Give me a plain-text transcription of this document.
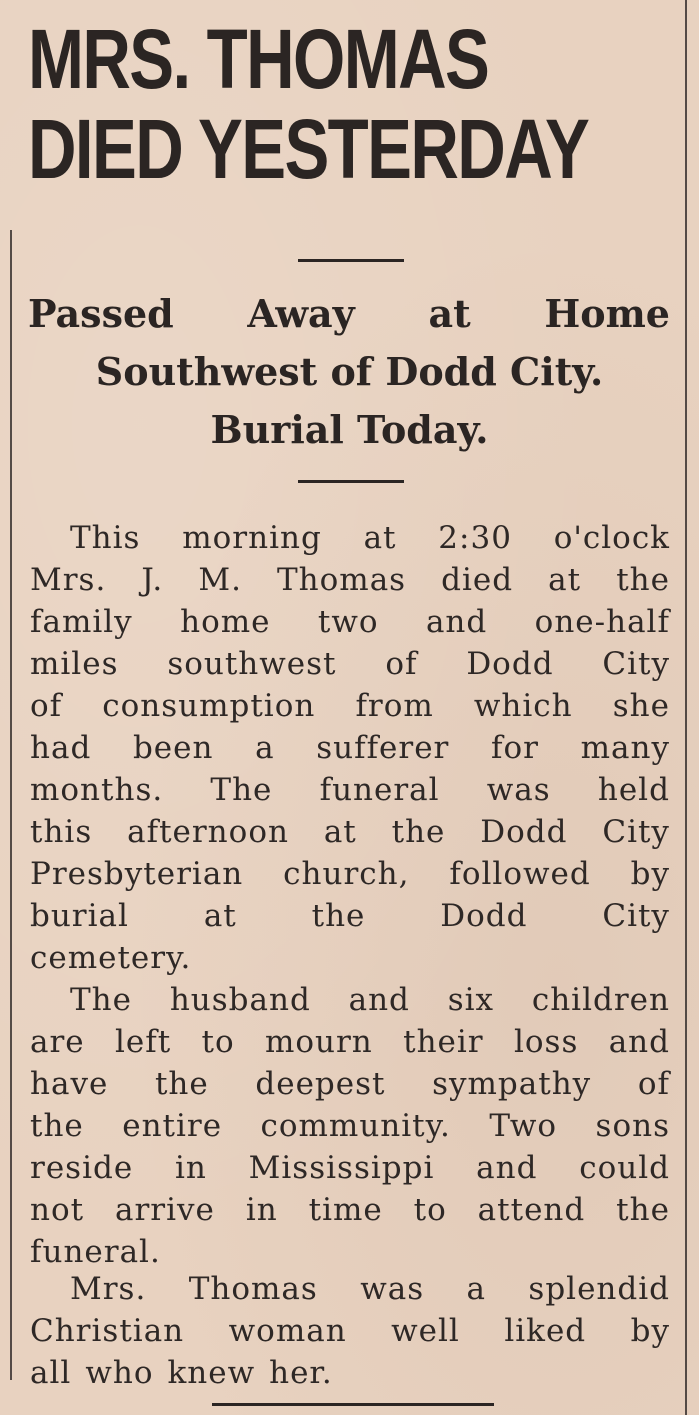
MRS. THOMAS
DIED YESTERDAY
Passed Away at Home
Southwest of Dodd City.
Burial Today.
This morning at 2:30 o'clock
Mrs. J. M. Thomas died at the
family home two and one-half
miles southwest of Dodd City
of consumption from which she
had been a sufferer for many
months. The funeral was held
this afternoon at the Dodd City
Presbyterian church, followed by
burial at the Dodd City
cemetery.
The husband and six children
are left to mourn their loss and
have the deepest sympathy of
the entire community. Two sons
reside in Mississippi and could
not arrive in time to attend the
funeral.
Mrs. Thomas was a splendid
Christian woman well liked by
all who knew her.
